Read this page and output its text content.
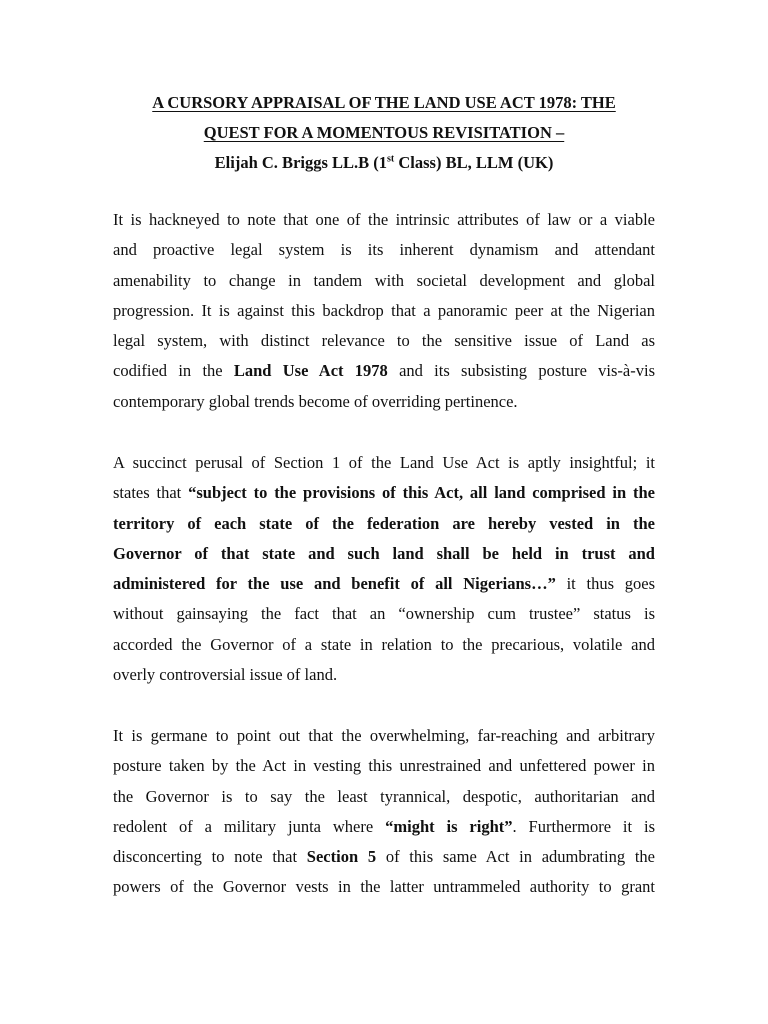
A CURSORY APPRAISAL OF THE LAND USE ACT 1978: THE
QUEST FOR A MOMENTOUS REVISITATION –
Elijah C. Briggs LL.B (1st Class) BL, LLM (UK)

It is hackneyed to note that one of the intrinsic attributes of law or a viable
and proactive legal system is its inherent dynamism and attendant
amenability to change in tandem with societal development and global
progression. It is against this backdrop that a panoramic peer at the Nigerian
legal system, with distinct relevance to the sensitive issue of Land as
codified in the Land Use Act 1978 and its subsisting posture vis-à-vis
contemporary global trends become of overriding pertinence.

A succinct perusal of Section 1 of the Land Use Act is aptly insightful; it
states that “subject to the provisions of this Act, all land comprised in the
territory of each state of the federation are hereby vested in the
Governor of that state and such land shall be held in trust and
administered for the use and benefit of all Nigerians…” it thus goes
without gainsaying the fact that an “ownership cum trustee” status is
accorded the Governor of a state in relation to the precarious, volatile and
overly controversial issue of land.

It is germane to point out that the overwhelming, far-reaching and arbitrary
posture taken by the Act in vesting this unrestrained and unfettered power in
the Governor is to say the least tyrannical, despotic, authoritarian and
redolent of a military junta where “might is right”. Furthermore it is
disconcerting to note that Section 5 of this same Act in adumbrating the
powers of the Governor vests in the latter untrammeled authority to grant
